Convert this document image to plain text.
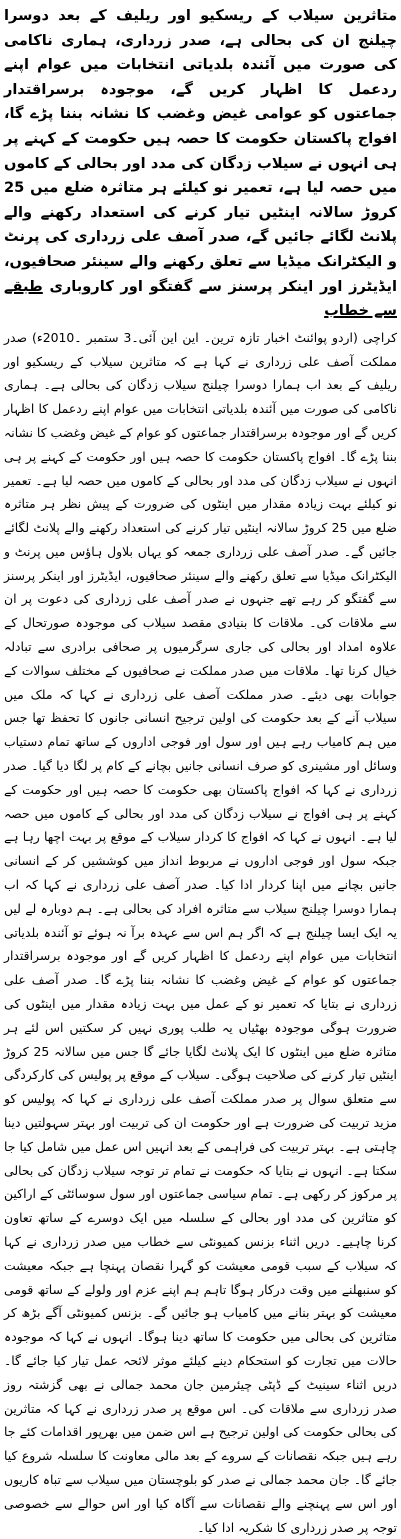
متاثرین سیلاب کے ریسکیو اور ریلیف کے بعد دوسرا چیلنج ان کی بحالی ہے، صدر زرداری، ہماری ناکامی کی صورت میں آئندہ بلدیاتی انتخابات میں عوام اپنے ردعمل کا اظہار کریں گے، موجودہ برسراقتدار جماعتوں کو عوامی غیض وغضب کا نشانہ بننا پڑے گا، افواج پاکستان حکومت کا حصہ ہیں حکومت کے کہنے پر ہی انہوں نے سیلاب زدگان کی مدد اور بحالی کے کاموں میں حصہ لیا ہے، تعمیر نو کیلئے ہر متاثرہ ضلع میں 25 کروڑ سالانہ اینٹیں تیار کرنے کی استعداد رکھنے والے پلانٹ لگائے جائیں گے، صدر آصف علی زرداری کی پرنٹ و الیکٹرانک میڈیا سے تعلق رکھنے والے سینئر صحافیوں، ایڈیٹرز اور اینکر پرسنز سے گفتگو اور کاروباری طبقے سے خطاب

کراچی (اردو پوائنٹ اخبار تازہ ترین۔ این این آئی۔3 ستمبر ۔2010ء) صدر مملکت آصف علی زرداری نے کہا ہے کہ متاثرین سیلاب کے ریسکیو اور ریلیف کے بعد اب ہمارا دوسرا چیلنج سیلاب زدگان کی بحالی ہے۔ ہماری ناکامی کی صورت میں آئندہ بلدیاتی انتخابات میں عوام اپنے ردعمل کا اظہار کریں گے اور موجودہ برسراقتدار جماعتوں کو عوام کے غیض وغضب کا نشانہ بننا پڑے گا۔ افواج پاکستان حکومت کا حصہ ہیں اور حکومت کے کہنے پر ہی انہوں نے سیلاب زدگان کی مدد اور بحالی کے کاموں میں حصہ لیا ہے۔ تعمیر نو کیلئے بہت زیادہ مقدار میں اینٹوں کی ضرورت کے پیش نظر ہر متاثرہ ضلع میں 25 کروڑ سالانہ اینٹیں تیار کرنے کی استعداد رکھنے والے پلانٹ لگائے جائیں گے۔ صدر آصف علی زرداری جمعہ کو یہاں بلاول ہاؤس میں پرنٹ و الیکٹرانک میڈیا سے تعلق رکھنے والے سینئر صحافیوں، ایڈیٹرز اور اینکر پرسنز سے گفتگو کر رہے تھے جنہوں نے صدر آصف علی زرداری کی دعوت پر ان سے ملاقات کی۔ ملاقات کا بنیادی مقصد سیلاب کی موجودہ صورتحال کے علاوہ امداد اور بحالی کی جاری سرگرمیوں پر صحافی برادری سے تبادلہ خیال کرنا تھا۔ ملاقات میں صدر مملکت نے صحافیوں کے مختلف سوالات کے جوابات بھی دیئے۔ صدر مملکت آصف علی زرداری نے کہا کہ ملک میں سیلاب آنے کے بعد حکومت کی اولین ترجیح انسانی جانوں کا تحفظ تھا جس میں ہم کامیاب رہے ہیں اور سول اور فوجی اداروں کے ساتھ تمام دستیاب وسائل اور مشینری کو صرف انسانی جانیں بچانے کے کام پر لگا دیا گیا۔ صدر زرداری نے کہا کہ افواج پاکستان بھی حکومت کا حصہ ہیں اور حکومت کے کہنے پر ہی افواج نے سیلاب زدگان کی مدد اور بحالی کے کاموں میں حصہ لیا ہے۔ انہوں نے کہا کہ افواج کا کردار سیلاب کے موقع پر بہت اچھا رہا ہے جبکہ سول اور فوجی اداروں نے مربوط انداز میں کوششیں کر کے انسانی جانیں بچانے میں اپنا کردار ادا کیا۔ صدر آصف علی زرداری نے کہا کہ اب ہمارا دوسرا چیلنج سیلاب سے متاثرہ افراد کی بحالی ہے۔ ہم دوبارہ لے لیں یہ ایک ایسا چیلنج ہے کہ اگر ہم اس سے عہدہ برآ نہ ہوئے تو آئندہ بلدیاتی انتخابات میں عوام اپنے ردعمل کا اظہار کریں گے اور موجودہ برسراقتدار جماعتوں کو عوام کے غیض وغضب کا نشانہ بننا پڑے گا۔ صدر آصف علی زرداری نے بتایا کہ تعمیر نو کے عمل میں بہت زیادہ مقدار میں اینٹوں کی ضرورت ہوگی موجودہ بھٹیاں یہ طلب پوری نہیں کر سکتیں اس لئے ہر متاثرہ ضلع میں اینٹوں کا ایک پلانٹ لگایا جائے گا جس میں سالانہ 25 کروڑ اینٹیں تیار کرنے کی صلاحیت ہوگی۔ سیلاب کے موقع پر پولیس کی کارکردگی سے متعلق سوال پر صدر مملکت آصف علی زرداری نے کہا کہ پولیس کو مزید تربیت کی ضرورت ہے اور حکومت ان کی تربیت اور بہتر سہولتیں دینا چاہتی ہے۔ بہتر تربیت کی فراہمی کے بعد انہیں اس عمل میں شامل کیا جا سکتا ہے۔ انہوں نے بتایا کہ حکومت نے تمام تر توجہ سیلاب زدگان کی بحالی پر مرکوز کر رکھی ہے۔ تمام سیاسی جماعتوں اور سول سوسائٹی کے اراکین کو متاثرین کی مدد اور بحالی کے سلسلہ میں ایک دوسرے کے ساتھ تعاون کرنا چاہیے۔ دریں اثناء بزنس کمیونٹی سے خطاب میں صدر زرداری نے کہا کہ سیلاب کے سبب قومی معیشت کو گہرا نقصان پہنچا ہے جبکہ معیشت کو سنبھلنے میں وقت درکار ہوگا تاہم ہم اپنے عزم اور ولولے کے ساتھ قومی معیشت کو بہتر بنانے میں کامیاب ہو جائیں گے۔ بزنس کمیونٹی آگے بڑھ کر متاثرین کی بحالی میں حکومت کا ساتھ دینا ہوگا۔ انہوں نے کہا کہ موجودہ حالات میں تجارت کو استحکام دینے کیلئے موثر لائحہ عمل تیار کیا جائے گا۔ دریں اثناء سینیٹ کے ڈپٹی چیئرمین جان محمد جمالی نے بھی گزشتہ روز صدر زرداری سے ملاقات کی۔ اس موقع پر صدر زرداری نے کہا کہ متاثرین کی بحالی حکومت کی اولین ترجیح ہے اس ضمن میں بھرپور اقدامات کئے جا رہے ہیں جبکہ نقصانات کے سروے کے بعد مالی معاونت کا سلسلہ شروع کیا جائے گا۔ جان محمد جمالی نے صدر کو بلوچستان میں سیلاب سے تباہ کاریوں اور اس سے پہنچنے والے نقصانات سے آگاہ کیا اور اس حوالے سے خصوصی توجہ پر صدر زرداری کا شکریہ ادا کیا۔
